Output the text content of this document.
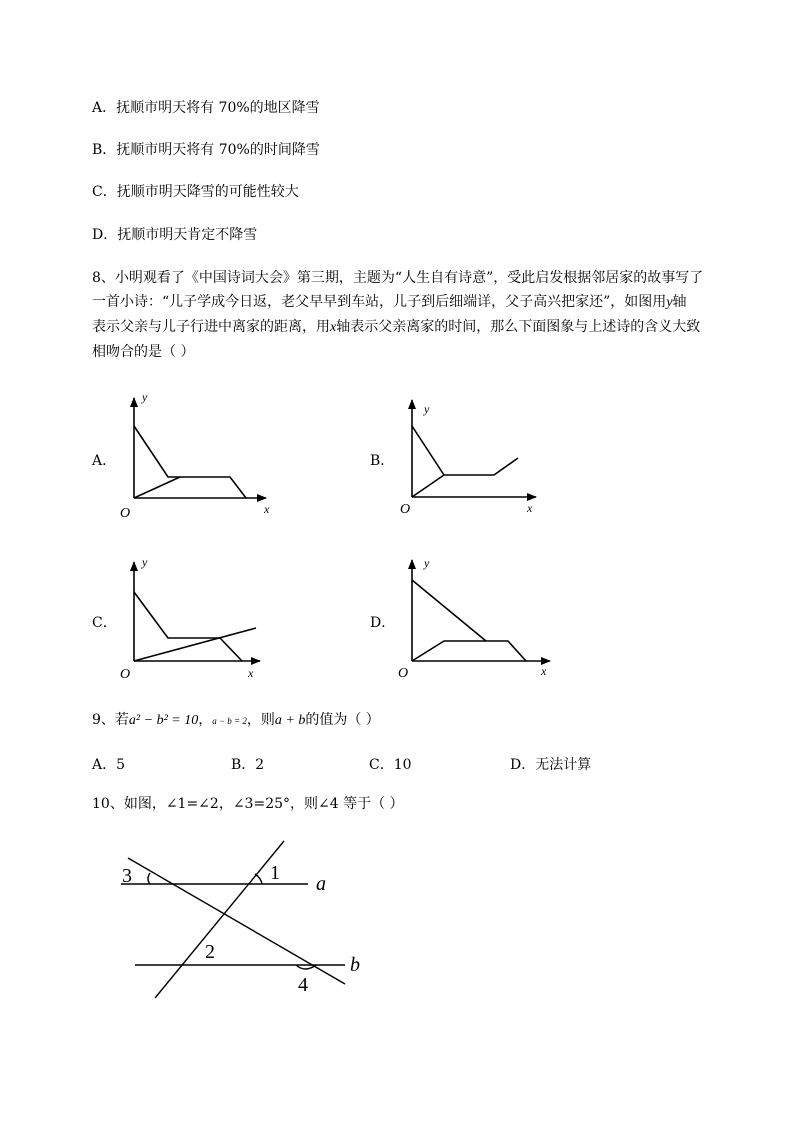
A．抚顺市明天将有 70%的地区降雪
B．抚顺市明天将有 70%的时间降雪
C．抚顺市明天降雪的可能性较大
D．抚顺市明天肯定不降雪
8、小明观看了《中国诗词大会》第三期，主题为“人生自有诗意”，受此启发根据邻居家的故事写了
一首小诗：“儿子学成今日返，老父早早到车站，儿子到后细端详，父子高兴把家还”，如图用y轴
表示父亲与儿子行进中离家的距离，用x轴表示父亲离家的时间，那么下面图象与上述诗的含义大致
相吻合的是（ ）
A．	B．
C．	D．
y
x
O
y
x
O
y
x
O
y
x
O
9、若a² − b² = 10，a − b = 2，则a + b的值为（ ）
A．5	B．2	C．10	D．无法计算
10、如图，∠1=∠2，∠3=25°，则∠4 等于（ ）
3	1 a
2
b
4
